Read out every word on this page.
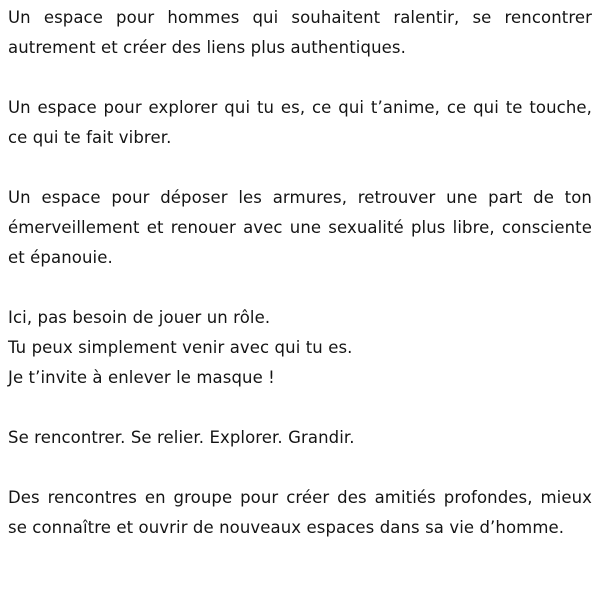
Un espace pour hommes qui souhaitent ralentir, se rencontrer autrement et créer des liens plus authentiques.

Un espace pour explorer qui tu es, ce qui t’anime, ce qui te touche, ce qui te fait vibrer.

Un espace pour déposer les armures, retrouver une part de ton émerveillement et renouer avec une sexualité plus libre, consciente et épanouie.

Ici, pas besoin de jouer un rôle.
Tu peux simplement venir avec qui tu es.
Je t’invite à enlever le masque !

Se rencontrer. Se relier. Explorer. Grandir.

Des rencontres en groupe pour créer des amitiés profondes, mieux se connaître et ouvrir de nouveaux espaces dans sa vie d’homme.
